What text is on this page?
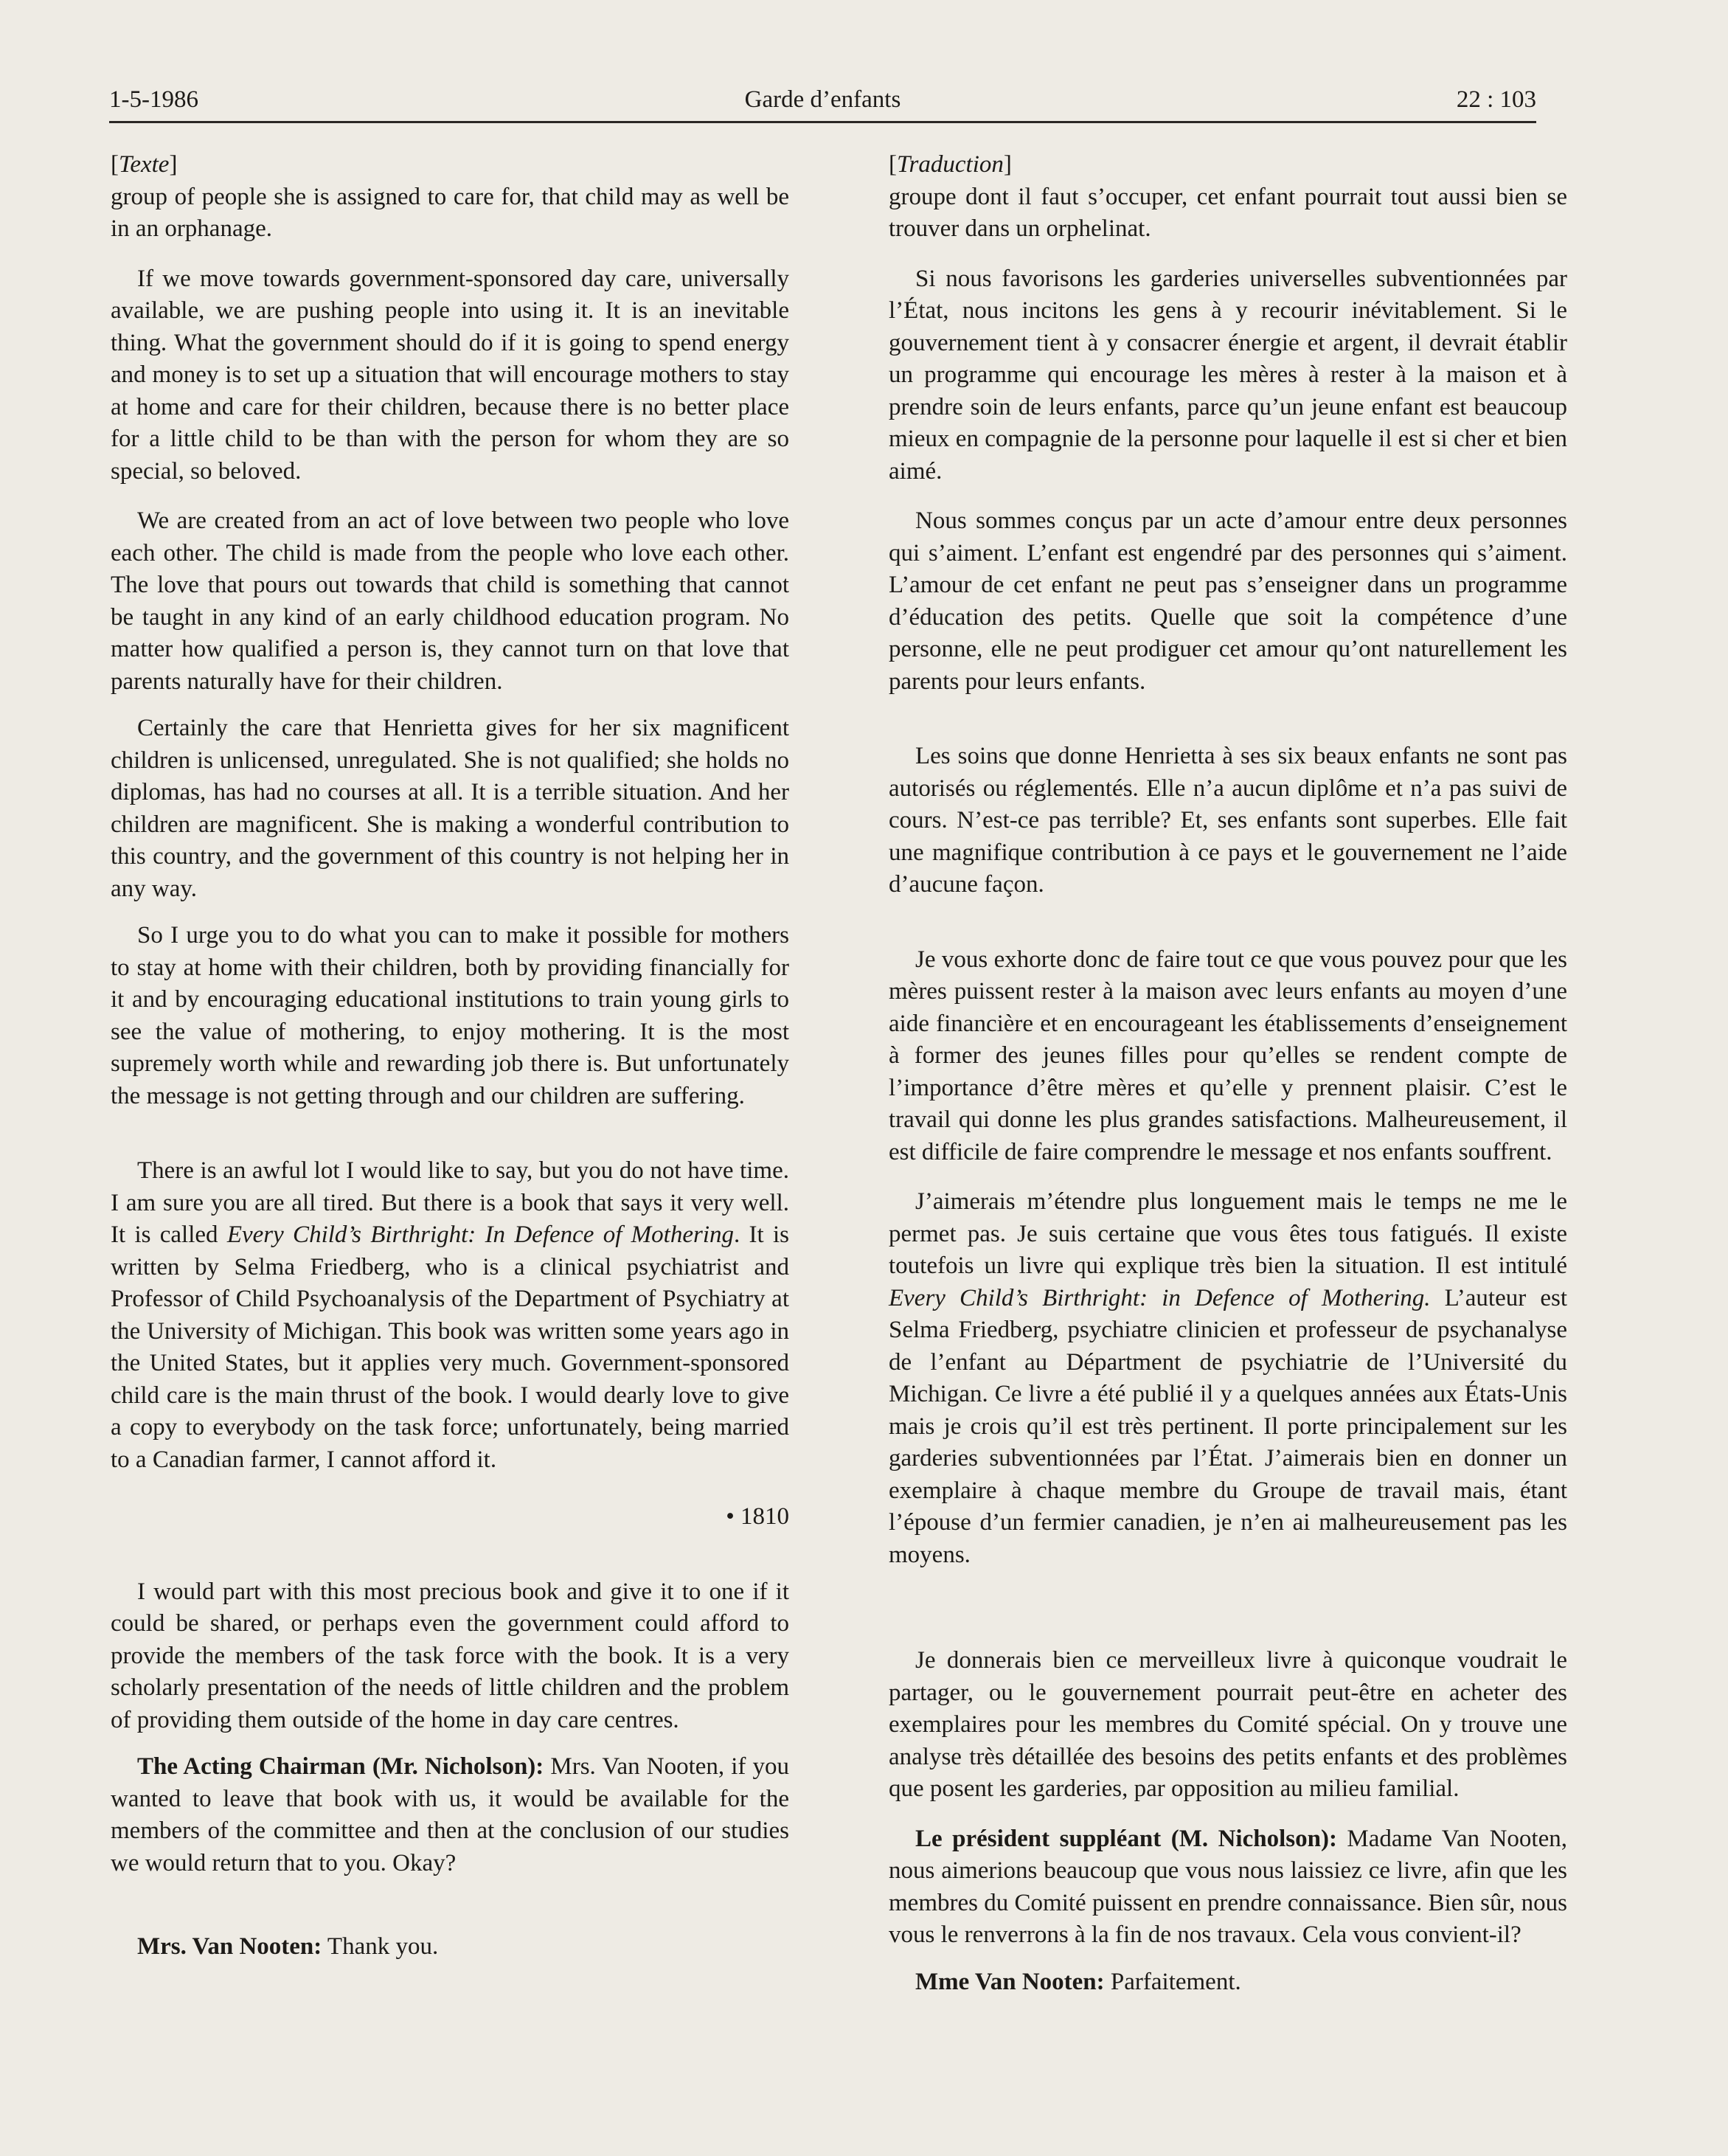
1-5-1986	Garde d’enfants	22 : 103

[Texte]

group of people she is assigned to care for, that child may as well be in an orphanage.

If we move towards government-sponsored day care, universally available, we are pushing people into using it. It is an inevitable thing. What the government should do if it is going to spend energy and money is to set up a situation that will encourage mothers to stay at home and care for their children, because there is no better place for a little child to be than with the person for whom they are so special, so beloved.

We are created from an act of love between two people who love each other. The child is made from the people who love each other. The love that pours out towards that child is something that cannot be taught in any kind of an early childhood education program. No matter how qualified a person is, they cannot turn on that love that parents naturally have for their children.

Certainly the care that Henrietta gives for her six magnificent children is unlicensed, unregulated. She is not qualified; she holds no diplomas, has had no courses at all. It is a terrible situation. And her children are magnificent. She is making a wonderful contribution to this country, and the government of this country is not helping her in any way.

So I urge you to do what you can to make it possible for mothers to stay at home with their children, both by providing financially for it and by encouraging educational institutions to train young girls to see the value of mothering, to enjoy mothering. It is the most supremely worth while and rewarding job there is. But unfortunately the message is not getting through and our children are suffering.

There is an awful lot I would like to say, but you do not have time. I am sure you are all tired. But there is a book that says it very well. It is called Every Child’s Birthright: In Defence of Mothering. It is written by Selma Friedberg, who is a clinical psychiatrist and Professor of Child Psychoanalysis of the Department of Psychiatry at the University of Michigan. This book was written some years ago in the United States, but it applies very much. Government-sponsored child care is the main thrust of the book. I would dearly love to give a copy to everybody on the task force; unfortunately, being married to a Canadian farmer, I cannot afford it.

• 1810

I would part with this most precious book and give it to one if it could be shared, or perhaps even the government could afford to provide the members of the task force with the book. It is a very scholarly presentation of the needs of little children and the problem of providing them outside of the home in day care centres.

The Acting Chairman (Mr. Nicholson): Mrs. Van Nooten, if you wanted to leave that book with us, it would be available for the members of the committee and then at the conclusion of our studies we would return that to you. Okay?

Mrs. Van Nooten: Thank you.

[Traduction]

groupe dont il faut s’occuper, cet enfant pourrait tout aussi bien se trouver dans un orphelinat.

Si nous favorisons les garderies universelles subventionnées par l’État, nous incitons les gens à y recourir inévitablement. Si le gouvernement tient à y consacrer énergie et argent, il devrait établir un programme qui encourage les mères à rester à la maison et à prendre soin de leurs enfants, parce qu’un jeune enfant est beaucoup mieux en compagnie de la personne pour laquelle il est si cher et bien aimé.

Nous sommes conçus par un acte d’amour entre deux personnes qui s’aiment. L’enfant est engendré par des personnes qui s’aiment. L’amour de cet enfant ne peut pas s’enseigner dans un programme d’éducation des petits. Quelle que soit la compétence d’une personne, elle ne peut prodiguer cet amour qu’ont naturellement les parents pour leurs enfants.

Les soins que donne Henrietta à ses six beaux enfants ne sont pas autorisés ou réglementés. Elle n’a aucun diplôme et n’a pas suivi de cours. N’est-ce pas terrible? Et, ses enfants sont superbes. Elle fait une magnifique contribution à ce pays et le gouvernement ne l’aide d’aucune façon.

Je vous exhorte donc de faire tout ce que vous pouvez pour que les mères puissent rester à la maison avec leurs enfants au moyen d’une aide financière et en encourageant les établissements d’enseignement à former des jeunes filles pour qu’elles se rendent compte de l’importance d’être mères et qu’elle y prennent plaisir. C’est le travail qui donne les plus grandes satisfactions. Malheureusement, il est difficile de faire comprendre le message et nos enfants souffrent.

J’aimerais m’étendre plus longuement mais le temps ne me le permet pas. Je suis certaine que vous êtes tous fatigués. Il existe toutefois un livre qui explique très bien la situation. Il est intitulé Every Child’s Birthright: in Defence of Mothering. L’auteur est Selma Friedberg, psychiatre clinicien et professeur de psychanalyse de l’enfant au Départment de psychiatrie de l’Université du Michigan. Ce livre a été publié il y a quelques années aux États-Unis mais je crois qu’il est très pertinent. Il porte principalement sur les garderies subventionnées par l’État. J’aimerais bien en donner un exemplaire à chaque membre du Groupe de travail mais, étant l’épouse d’un fermier canadien, je n’en ai malheureusement pas les moyens.

Je donnerais bien ce merveilleux livre à quiconque voudrait le partager, ou le gouvernement pourrait peut-être en acheter des exemplaires pour les membres du Comité spécial. On y trouve une analyse très détaillée des besoins des petits enfants et des problèmes que posent les garderies, par opposition au milieu familial.

Le président suppléant (M. Nicholson): Madame Van Nooten, nous aimerions beaucoup que vous nous laissiez ce livre, afin que les membres du Comité puissent en prendre connaissance. Bien sûr, nous vous le renverrons à la fin de nos travaux. Cela vous convient-il?

Mme Van Nooten: Parfaitement.
